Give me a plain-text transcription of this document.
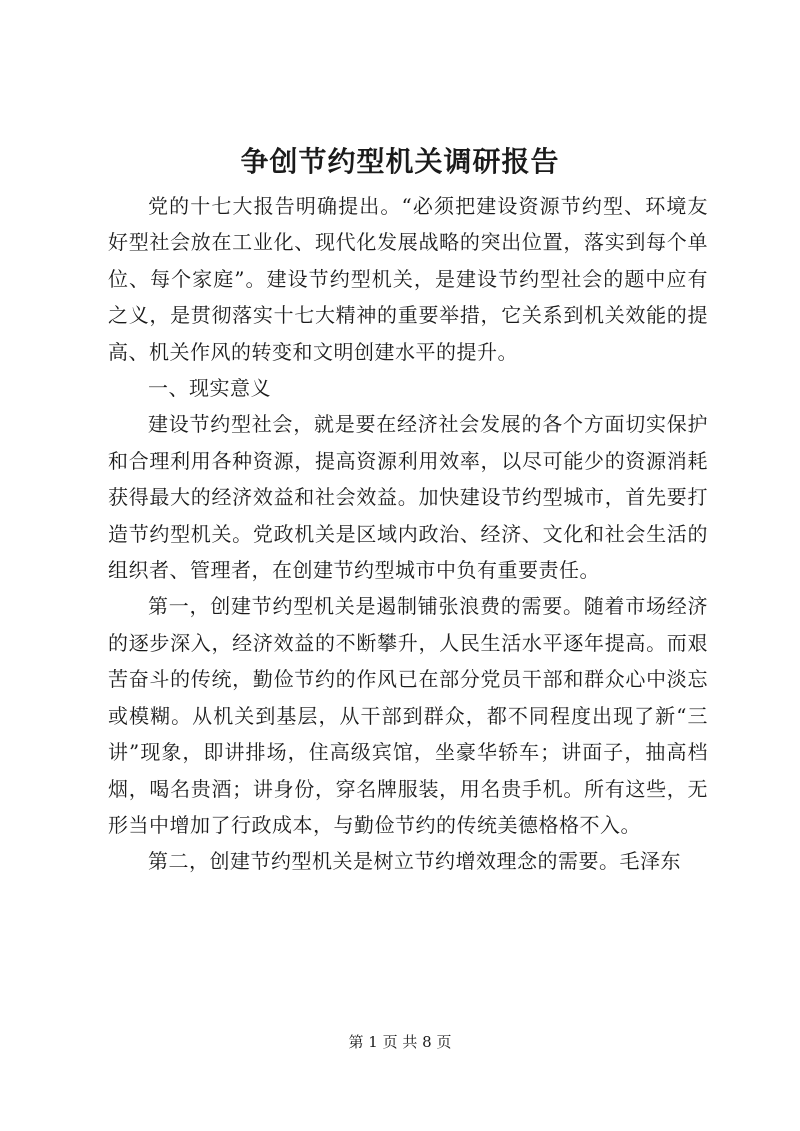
争创节约型机关调研报告

党的十七大报告明确提出。“必须把建设资源节约型、环境友好型社会放在工业化、现代化发展战略的突出位置，落实到每个单位、每个家庭”。建设节约型机关，是建设节约型社会的题中应有之义，是贯彻落实十七大精神的重要举措，它关系到机关效能的提高、机关作风的转变和文明创建水平的提升。

一、现实意义

建设节约型社会，就是要在经济社会发展的各个方面切实保护和合理利用各种资源，提高资源利用效率，以尽可能少的资源消耗获得最大的经济效益和社会效益。加快建设节约型城市，首先要打造节约型机关。党政机关是区域内政治、经济、文化和社会生活的组织者、管理者，在创建节约型城市中负有重要责任。

第一，创建节约型机关是遏制铺张浪费的需要。随着市场经济的逐步深入，经济效益的不断攀升，人民生活水平逐年提高。而艰苦奋斗的传统，勤俭节约的作风已在部分党员干部和群众心中淡忘或模糊。从机关到基层，从干部到群众，都不同程度出现了新“三讲”现象，即讲排场，住高级宾馆，坐豪华轿车；讲面子，抽高档烟，喝名贵酒；讲身份，穿名牌服装，用名贵手机。所有这些，无形当中增加了行政成本，与勤俭节约的传统美德格格不入。

第二，创建节约型机关是树立节约增效理念的需要。毛泽东

第 1 页 共 8 页
